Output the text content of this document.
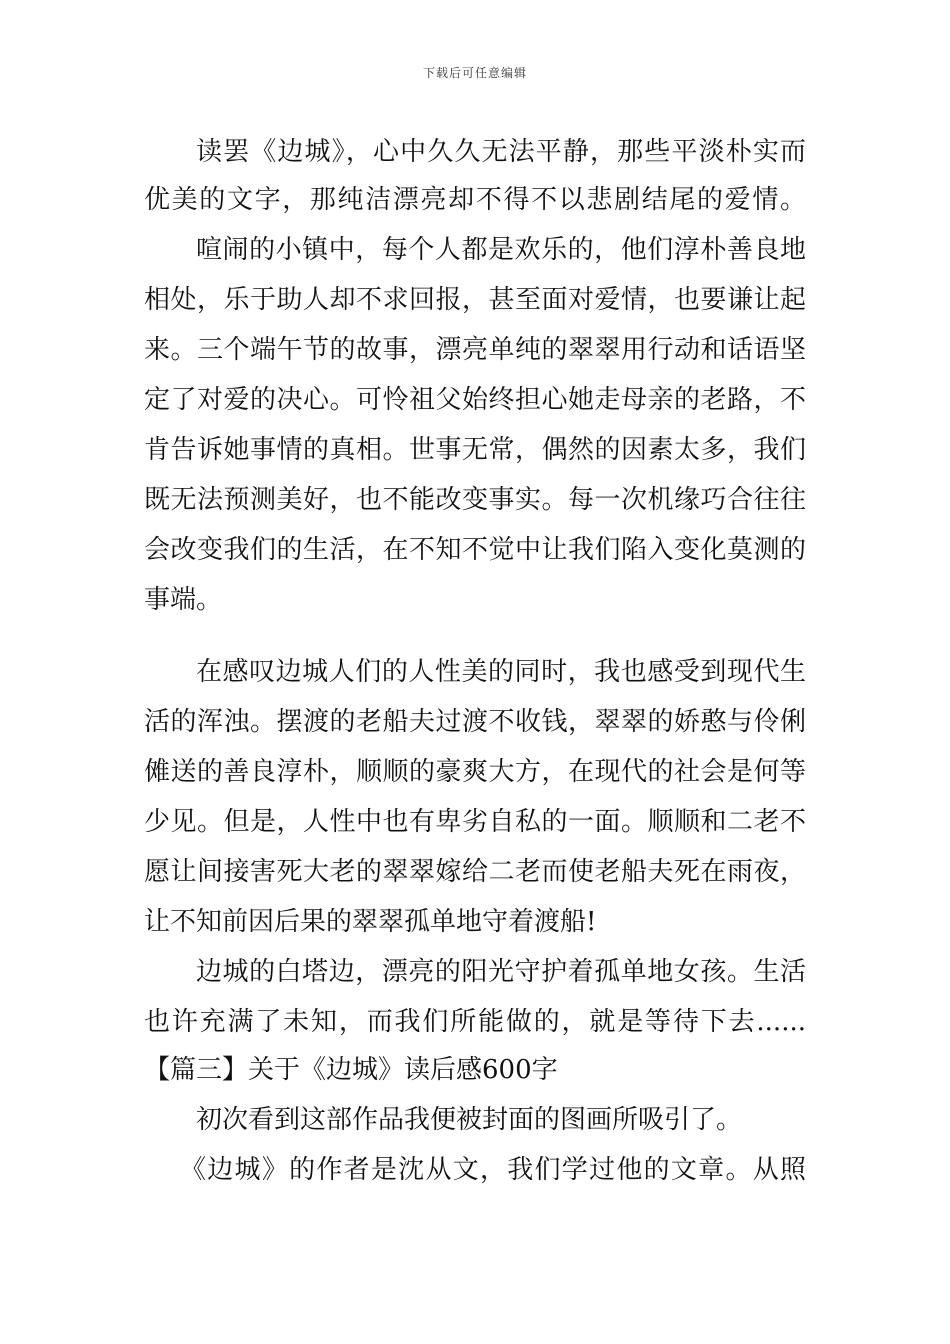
下载后可任意编辑
读罢《边城》，心中久久无法平静，那些平淡朴实而
优美的文字，那纯洁漂亮却不得不以悲剧结尾的爱情。
喧闹的小镇中，每个人都是欢乐的，他们淳朴善良地
相处，乐于助人却不求回报，甚至面对爱情，也要谦让起
来。三个端午节的故事，漂亮单纯的翠翠用行动和话语坚
定了对爱的决心。可怜祖父始终担心她走母亲的老路，不
肯告诉她事情的真相。世事无常，偶然的因素太多，我们
既无法预测美好，也不能改变事实。每一次机缘巧合往往
会改变我们的生活，在不知不觉中让我们陷入变化莫测的
事端。
在感叹边城人们的人性美的同时，我也感受到现代生
活的浑浊。摆渡的老船夫过渡不收钱，翠翠的娇憨与伶俐
傩送的善良淳朴，顺顺的豪爽大方，在现代的社会是何等
少见。但是，人性中也有卑劣自私的一面。顺顺和二老不
愿让间接害死大老的翠翠嫁给二老而使老船夫死在雨夜，
让不知前因后果的翠翠孤单地守着渡船!
边城的白塔边，漂亮的阳光守护着孤单地女孩。生活
也许充满了未知，而我们所能做的，就是等待下去......
【篇三】关于《边城》读后感600字
初次看到这部作品我便被封面的图画所吸引了。
《边城》的作者是沈从文，我们学过他的文章。从照
